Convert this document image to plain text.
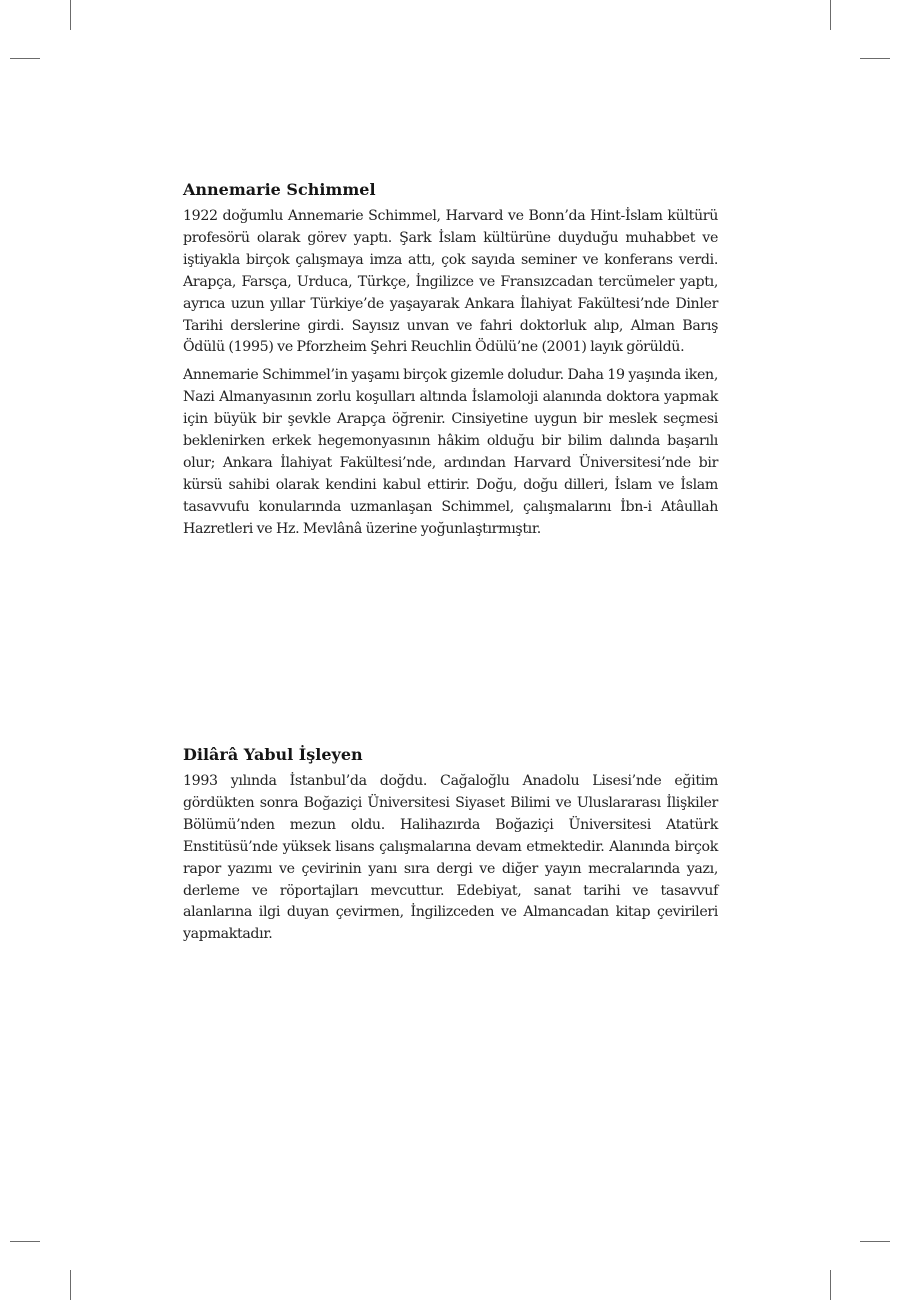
Annemarie Schimmel

1922 doğumlu Annemarie Schimmel, Harvard ve Bonn’da Hint-İslam kültürü profesörü olarak görev yaptı. Şark İslam kültürüne duyduğu muhabbet ve iştiyakla birçok çalışmaya imza attı, çok sayıda seminer ve konferans verdi. Arapça, Farsça, Urduca, Türkçe, İngilizce ve Fransızcadan tercümeler yaptı, ayrıca uzun yıllar Türkiye’de yaşayarak Ankara İlahiyat Fakültesi’nde Dinler Tarihi derslerine girdi. Sayısız unvan ve fahri doktorluk alıp, Alman Barış Ödülü (1995) ve Pforzheim Şehri Reuchlin Ödülü’ne (2001) layık görüldü.

Annemarie Schimmel’in yaşamı birçok gizemle doludur. Daha 19 yaşında iken, Nazi Almanyasının zorlu koşulları altında İslamoloji alanında doktora yapmak için büyük bir şevkle Arapça öğrenir. Cinsiyetine uygun bir meslek seçmesi beklenirken erkek hegemonyasının hâkim olduğu bir bilim dalında başarılı olur; Ankara İlahiyat Fakültesi’nde, ardından Harvard Üniversitesi’nde bir kürsü sahibi olarak kendini kabul ettirir. Doğu, doğu dilleri, İslam ve İslam tasavvufu konularında uzmanlaşan Schimmel, çalışmalarını İbn-i Atâullah Hazretleri ve Hz. Mevlânâ üzerine yoğunlaştırmıştır.

Dilârâ Yabul İşleyen

1993 yılında İstanbul’da doğdu. Cağaloğlu Anadolu Lisesi’nde eğitim gördükten sonra Boğaziçi Üniversitesi Siyaset Bilimi ve Uluslararası İlişkiler Bölümü’nden mezun oldu. Halihazırda Boğaziçi Üniversitesi Atatürk Enstitüsü’nde yüksek lisans çalışmalarına devam etmektedir. Alanında birçok rapor yazımı ve çevirinin yanı sıra dergi ve diğer yayın mecralarında yazı, derleme ve röportajları mevcuttur. Edebiyat, sanat tarihi ve tasavvuf alanlarına ilgi duyan çevirmen, İngilizceden ve Almancadan kitap çevirileri yapmaktadır.
